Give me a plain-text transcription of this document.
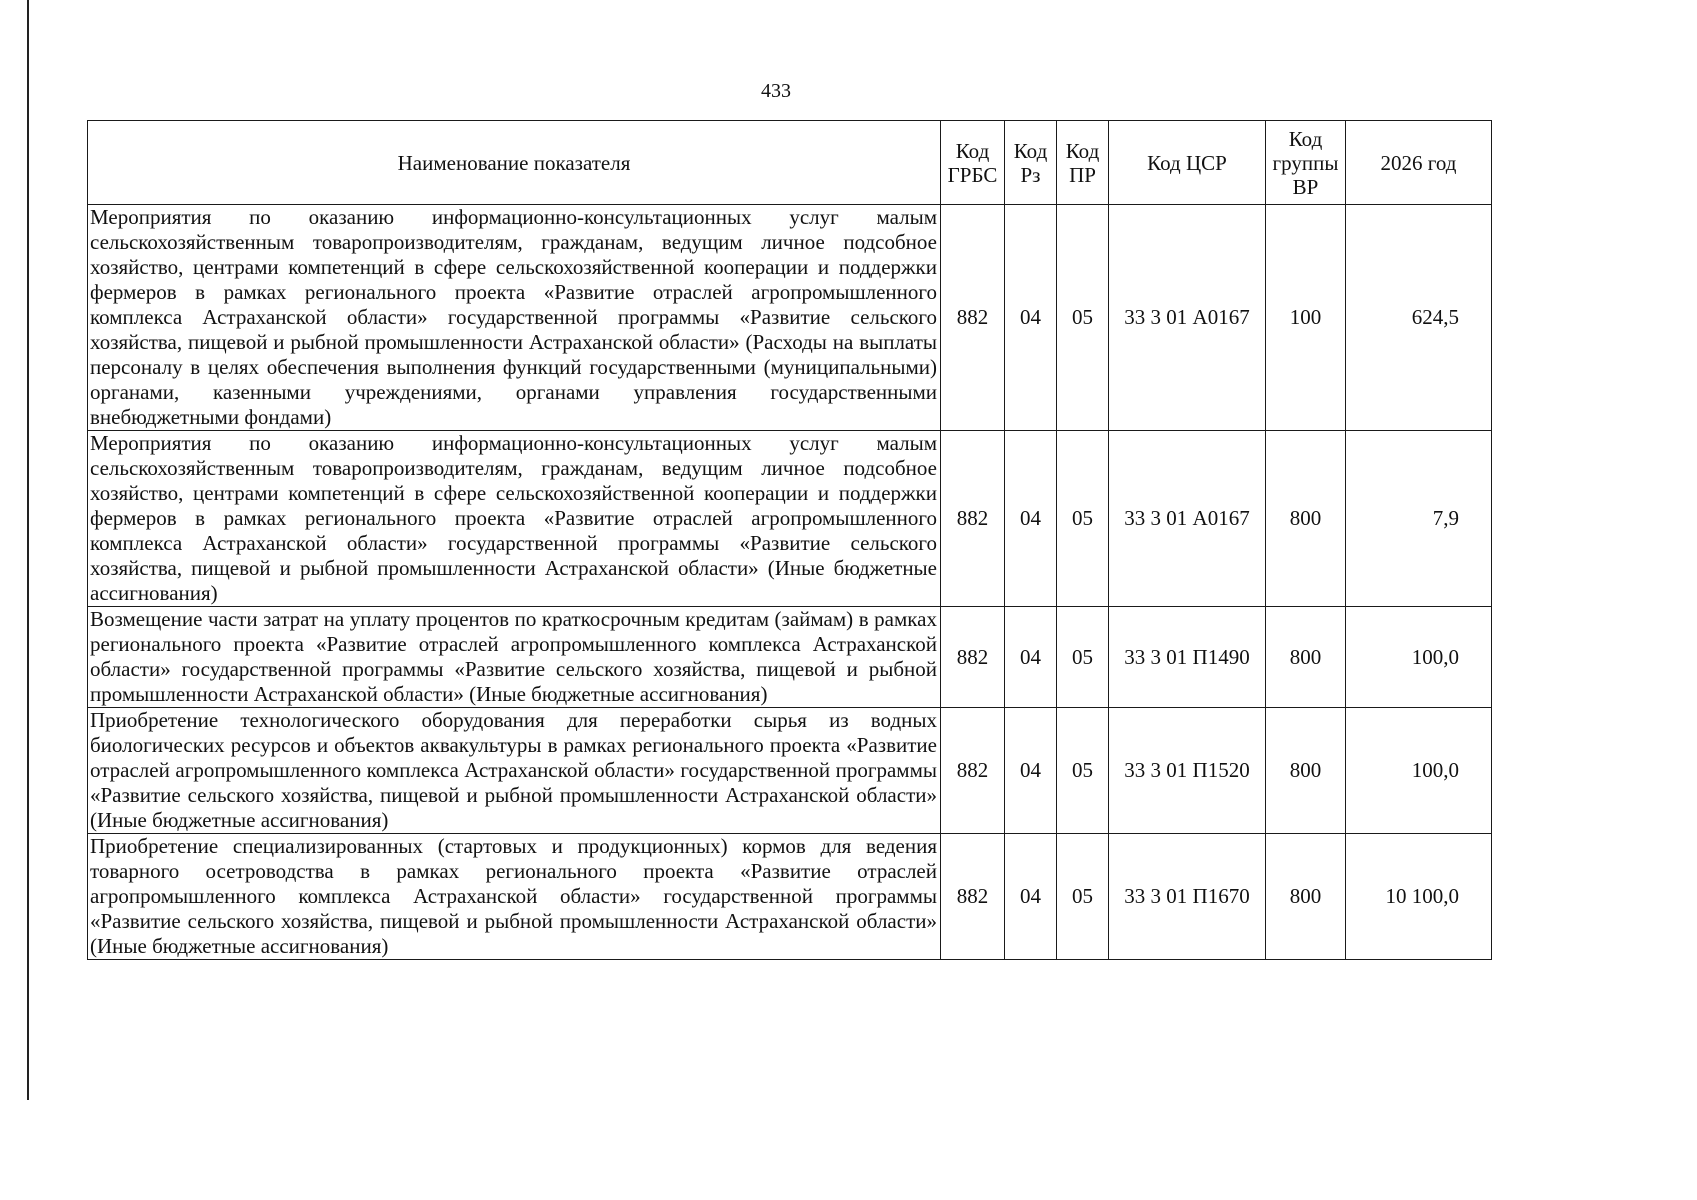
433
Наименование показателя	Код ГРБС	Код Рз	Код ПР	Код ЦСР	Код группы ВР	2026 год
Мероприятия по оказанию информационно-консультационных услуг малым сельскохозяйственным товаропроизводителям, гражданам, ведущим личное подсобное хозяйство, центрами компетенций в сфере сельскохозяйственной кооперации и поддержки фермеров в рамках регионального проекта «Развитие отраслей агропромышленного комплекса Астраханской области» государственной программы «Развитие сельского хозяйства, пищевой и рыбной промышленности Астраханской области» (Расходы на выплаты персоналу в целях обеспечения выполнения функций государственными (муниципальными) органами, казенными учреждениями, органами управления государственными внебюджетными фондами)	882	04	05	33 3 01 А0167	100	624,5
Мероприятия по оказанию информационно-консультационных услуг малым сельскохозяйственным товаропроизводителям, гражданам, ведущим личное подсобное хозяйство, центрами компетенций в сфере сельскохозяйственной кооперации и поддержки фермеров в рамках регионального проекта «Развитие отраслей агропромышленного комплекса Астраханской области» государственной программы «Развитие сельского хозяйства, пищевой и рыбной промышленности Астраханской области» (Иные бюджетные ассигнования)	882	04	05	33 3 01 А0167	800	7,9
Возмещение части затрат на уплату процентов по краткосрочным кредитам (займам) в рамках регионального проекта «Развитие отраслей агропромышленного комплекса Астраханской области» государственной программы «Развитие сельского хозяйства, пищевой и рыбной промышленности Астраханской области» (Иные бюджетные ассигнования)	882	04	05	33 3 01 П1490	800	100,0
Приобретение технологического оборудования для переработки сырья из водных биологических ресурсов и объектов аквакультуры в рамках регионального проекта «Развитие отраслей агропромышленного комплекса Астраханской области» государственной программы «Развитие сельского хозяйства, пищевой и рыбной промышленности Астраханской области» (Иные бюджетные ассигнования)	882	04	05	33 3 01 П1520	800	100,0
Приобретение специализированных (стартовых и продукционных) кормов для ведения товарного осетроводства в рамках регионального проекта «Развитие отраслей агропромышленного комплекса Астраханской области» государственной программы «Развитие сельского хозяйства, пищевой и рыбной промышленности Астраханской области» (Иные бюджетные ассигнования)	882	04	05	33 3 01 П1670	800	10 100,0
